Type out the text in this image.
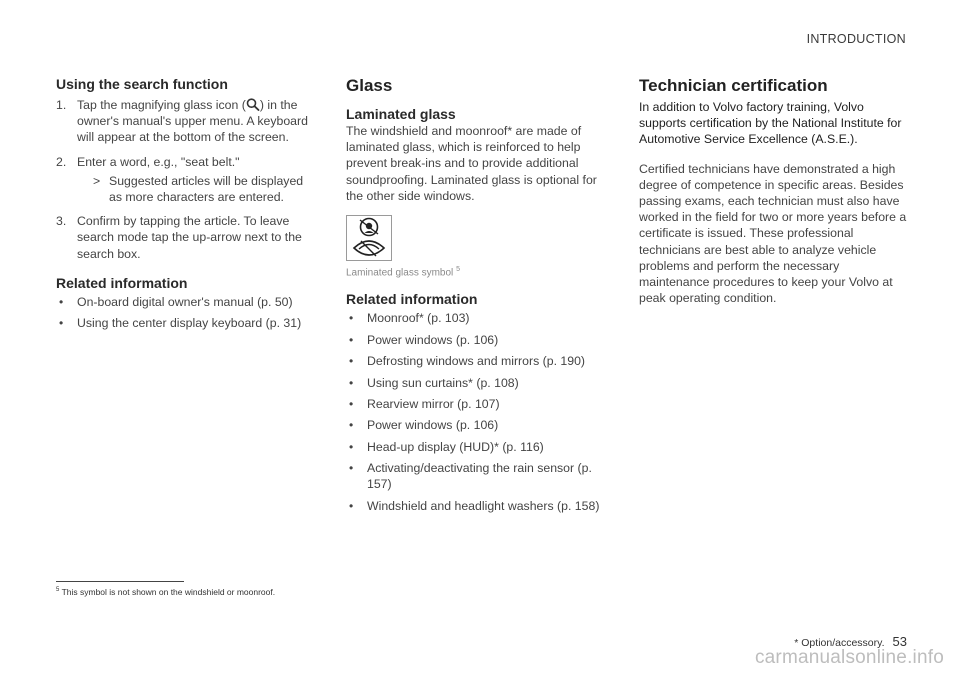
INTRODUCTION
Using the search function
1. Tap the magnifying glass icon ( ) in the owner's manual's upper menu. A keyboard will appear at the bottom of the screen.
2. Enter a word, e.g., "seat belt."
> Suggested articles will be displayed as more characters are entered.
3. Confirm by tapping the article. To leave search mode tap the up-arrow next to the search box.
Related information
• On-board digital owner's manual (p. 50)
• Using the center display keyboard (p. 31)
Glass
Laminated glass

The windshield and moonroof* are made of laminated glass, which is reinforced to help prevent break-ins and to provide additional soundproofing. Laminated glass is optional for the other side windows.

Laminated glass symbol $^5$
Related information
• Moonroof* (p. 103)
• Power windows (p. 106)
• Defrosting windows and mirrors (p. 190)
• Using sun curtains* (p. 108)
• Rearview mirror (p. 107)
• Power windows (p. 106)
• Head-up display (HUD)* (p. 116)
• Activating/deactivating the rain sensor (p. 157)
• Windshield and headlight washers (p. 158)
Technician certification

In addition to Volvo factory training, Volvo supports certification by the National Institute for Automotive Service Excellence (A.S.E.).

Certified technicians have demonstrated a high degree of competence in specific areas. Besides passing exams, each technician must also have worked in the field for two or more years before a certificate is issued. These professional technicians are best able to analyze vehicle problems and perform the necessary maintenance procedures to keep your Volvo at peak operating condition.

$^5$ This symbol is not shown on the windshield or moonroof.
* Option/accessory. 53
carmanualsonline.info
